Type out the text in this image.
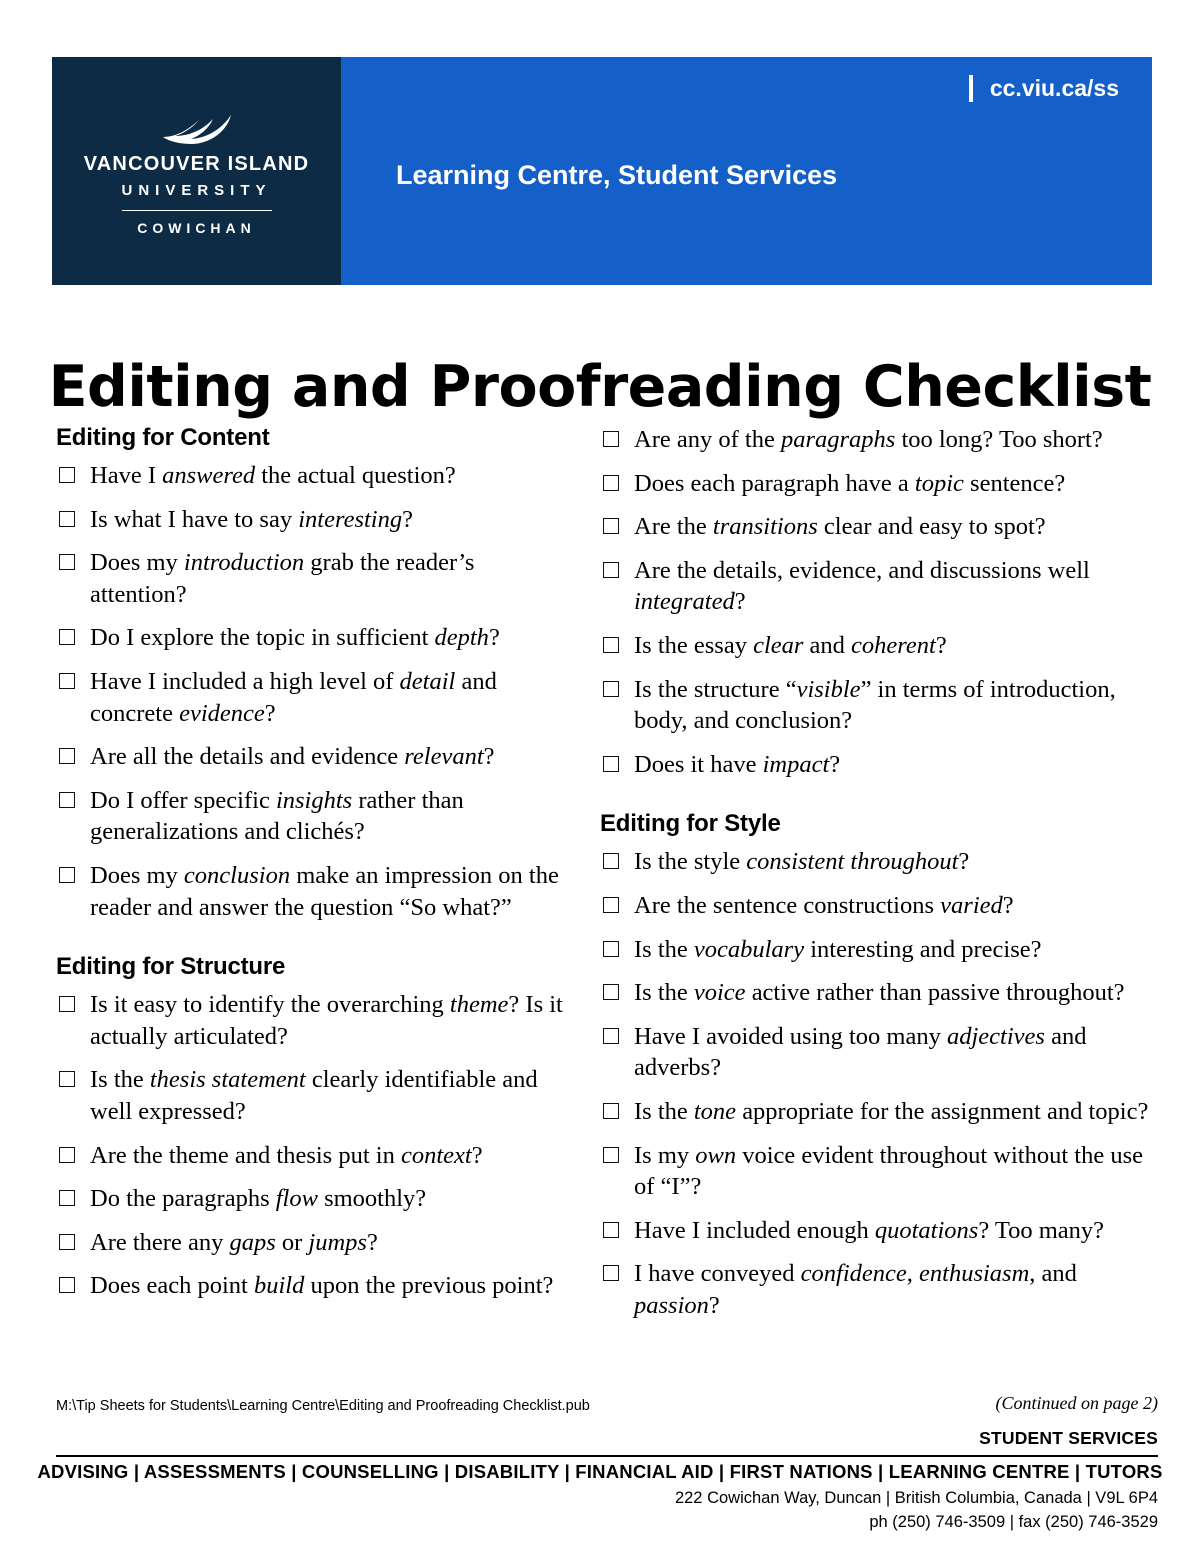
VANCOUVER ISLAND
UNIVERSITY
COWICHAN
cc.viu.ca/ss
Learning Centre, Student Services
Editing and Proofreading Checklist
Editing for Content
Have I answered the actual question?
Is what I have to say interesting?
Does my introduction grab the reader’s attention?
Do I explore the topic in sufficient depth?
Have I included a high level of detail and concrete evidence?
Are all the details and evidence relevant?
Do I offer specific insights rather than generalizations and clichés?
Does my conclusion make an impression on the reader and answer the question “So what?”
Editing for Structure
Is it easy to identify the overarching theme? Is it actually articulated?
Is the thesis statement clearly identifiable and well expressed?
Are the theme and thesis put in context?
Do the paragraphs flow smoothly?
Are there any gaps or jumps?
Does each point build upon the previous point?
Are any of the paragraphs too long? Too short?
Does each paragraph have a topic sentence?
Are the transitions clear and easy to spot?
Are the details, evidence, and discussions well integrated?
Is the essay clear and coherent?
Is the structure “visible” in terms of introduction, body, and conclusion?
Does it have impact?
Editing for Style
Is the style consistent throughout?
Are the sentence constructions varied?
Is the vocabulary interesting and precise?
Is the voice active rather than passive throughout?
Have I avoided using too many adjectives and adverbs?
Is the tone appropriate for the assignment and topic?
Is my own voice evident throughout without the use of “I”?
Have I included enough quotations? Too many?
I have conveyed confidence, enthusiasm, and passion?
M:\Tip Sheets for Students\Learning Centre\Editing and Proofreading Checklist.pub	(Continued on page 2)
STUDENT SERVICES
ADVISING | ASSESSMENTS | COUNSELLING | DISABILITY | FINANCIAL AID | FIRST NATIONS | LEARNING CENTRE | TUTORS
222 Cowichan Way, Duncan | British Columbia, Canada | V9L 6P4
ph (250) 746-3509 | fax (250) 746-3529
